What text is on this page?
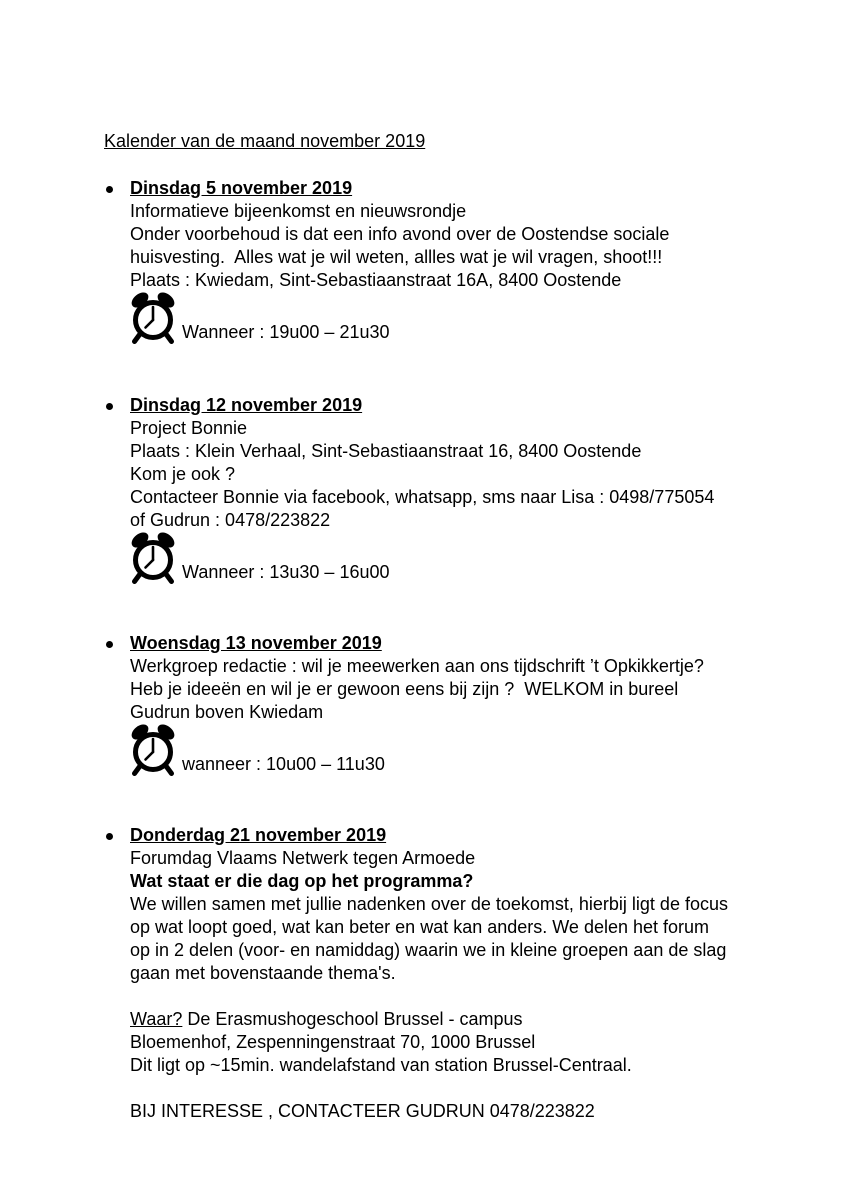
Kalender van de maand november 2019
Dinsdag 5 november 2019
Informatieve bijeenkomst en nieuwsrondje
Onder voorbehoud is dat een info avond over de Oostendse sociale
huisvesting.  Alles wat je wil weten, allles wat je wil vragen, shoot!!!
Plaats : Kwiedam, Sint-Sebastiaanstraat 16A, 8400 Oostende
Wanneer : 19u00 – 21u30
Dinsdag 12 november 2019
Project Bonnie
Plaats : Klein Verhaal, Sint-Sebastiaanstraat 16, 8400 Oostende
Kom je ook ?
Contacteer Bonnie via facebook, whatsapp, sms naar Lisa : 0498/775054
of Gudrun : 0478/223822
Wanneer : 13u30 – 16u00
Woensdag 13 november 2019
Werkgroep redactie : wil je meewerken aan ons tijdschrift ’t Opkikkertje?
Heb je ideeën en wil je er gewoon eens bij zijn ?  WELKOM in bureel
Gudrun boven Kwiedam
wanneer : 10u00 – 11u30
Donderdag 21 november 2019
Forumdag Vlaams Netwerk tegen Armoede
Wat staat er die dag op het programma?
We willen samen met jullie nadenken over de toekomst, hierbij ligt de focus
op wat loopt goed, wat kan beter en wat kan anders. We delen het forum
op in 2 delen (voor- en namiddag) waarin we in kleine groepen aan de slag
gaan met bovenstaande thema's.
Waar? De Erasmushogeschool Brussel - campus
Bloemenhof, Zespenningenstraat 70, 1000 Brussel
Dit ligt op ~15min. wandelafstand van station Brussel-Centraal.
BIJ INTERESSE , CONTACTEER GUDRUN 0478/223822
